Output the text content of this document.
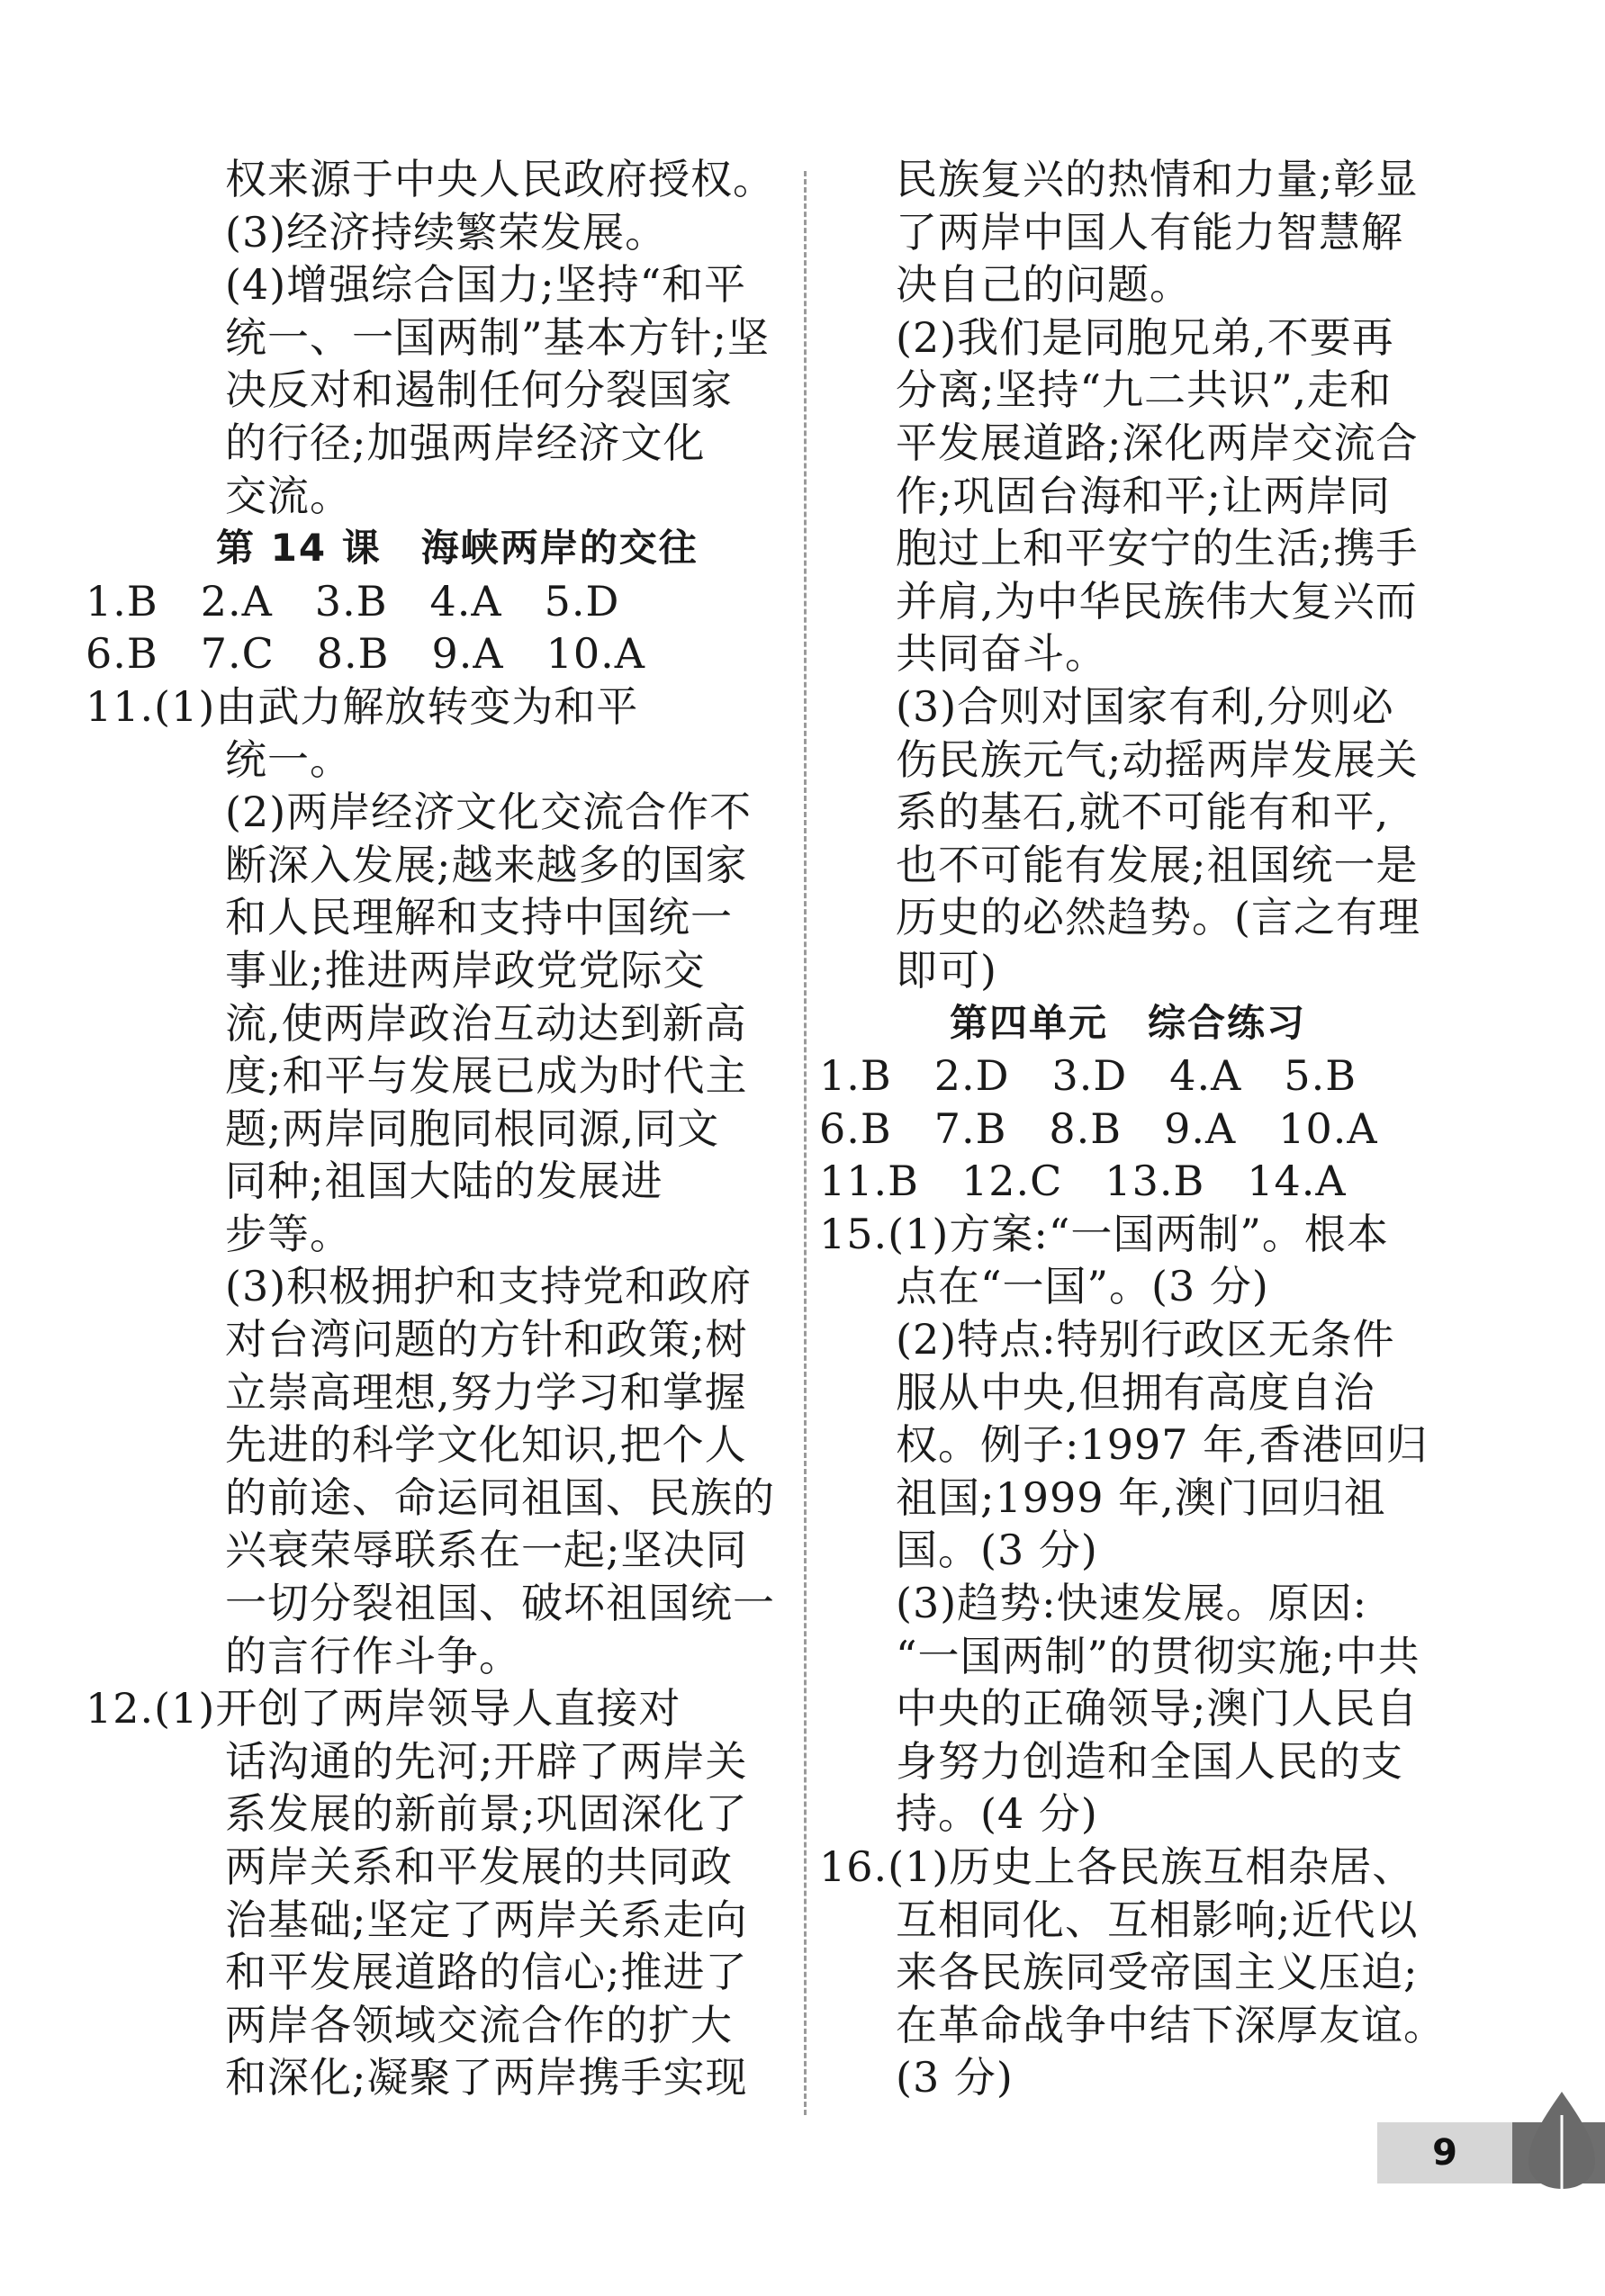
权来源于中央人民政府授权。
(3)经济持续繁荣发展。
(4)增强综合国力;坚持“和平
统一、一国两制”基本方针;坚
决反对和遏制任何分裂国家
的行径;加强两岸经济文化
交流。
第 14 课　海峡两岸的交往
1.B　2.A　3.B　4.A　5.D
6.B　7.C　8.B　9.A　10.A
11.(1)由武力解放转变为和平
统一。
(2)两岸经济文化交流合作不
断深入发展;越来越多的国家
和人民理解和支持中国统一
事业;推进两岸政党党际交
流,使两岸政治互动达到新高
度;和平与发展已成为时代主
题;两岸同胞同根同源,同文
同种;祖国大陆的发展进
步等。
(3)积极拥护和支持党和政府
对台湾问题的方针和政策;树
立崇高理想,努力学习和掌握
先进的科学文化知识,把个人
的前途、命运同祖国、民族的
兴衰荣辱联系在一起;坚决同
一切分裂祖国、破坏祖国统一
的言行作斗争。
12.(1)开创了两岸领导人直接对
话沟通的先河;开辟了两岸关
系发展的新前景;巩固深化了
两岸关系和平发展的共同政
治基础;坚定了两岸关系走向
和平发展道路的信心;推进了
两岸各领域交流合作的扩大
和深化;凝聚了两岸携手实现
民族复兴的热情和力量;彰显
了两岸中国人有能力智慧解
决自己的问题。
(2)我们是同胞兄弟,不要再
分离;坚持“九二共识”,走和
平发展道路;深化两岸交流合
作;巩固台海和平;让两岸同
胞过上和平安宁的生活;携手
并肩,为中华民族伟大复兴而
共同奋斗。
(3)合则对国家有利,分则必
伤民族元气;动摇两岸发展关
系的基石,就不可能有和平,
也不可能有发展;祖国统一是
历史的必然趋势。(言之有理
即可)
第四单元　综合练习
1.B　2.D　3.D　4.A　5.B
6.B　7.B　8.B　9.A　10.A
11.B　12.C　13.B　14.A
15.(1)方案:“一国两制”。根本
点在“一国”。(3 分)
(2)特点:特别行政区无条件
服从中央,但拥有高度自治
权。例子:1997 年,香港回归
祖国;1999 年,澳门回归祖
国。(3 分)
(3)趋势:快速发展。原因:
“一国两制”的贯彻实施;中共
中央的正确领导;澳门人民自
身努力创造和全国人民的支
持。(4 分)
16.(1)历史上各民族互相杂居、
互相同化、互相影响;近代以
来各民族同受帝国主义压迫;
在革命战争中结下深厚友谊。
(3 分)
9
